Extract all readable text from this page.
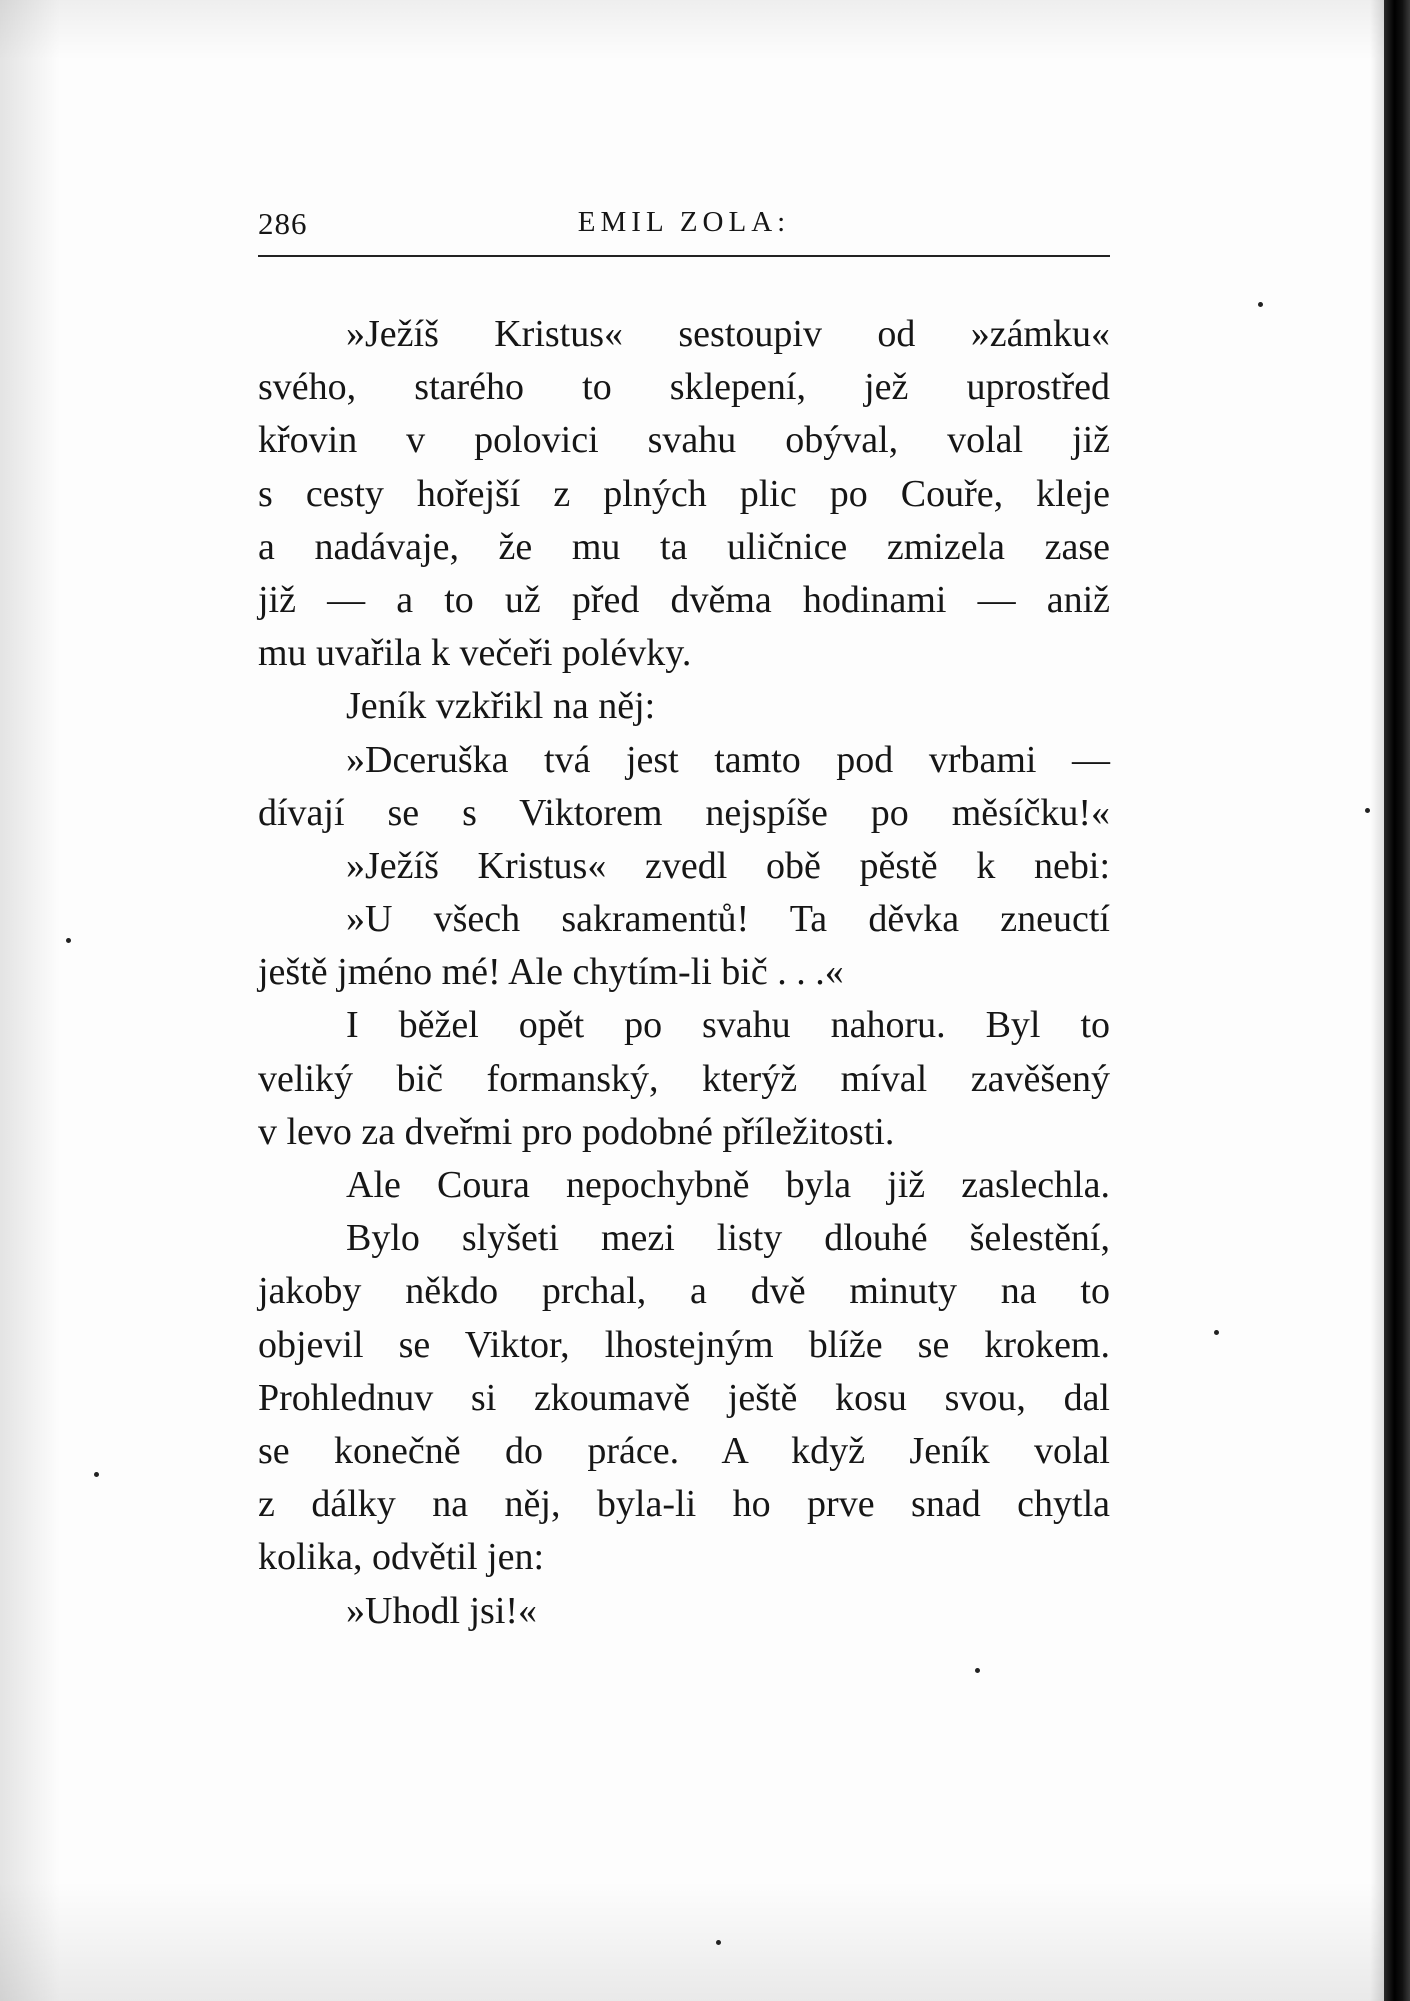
286	EMIL ZOLA:
»Ježíš Kristus« sestoupiv od »zámku«
svého, starého to sklepení, jež uprostřed
křovin v polovici svahu obýval, volal již
s cesty hořejší z plných plic po Couře, kleje
a nadávaje, že mu ta uličnice zmizela zase
již — a to už před dvěma hodinami — aniž
mu uvařila k večeři polévky.
Jeník vzkřikl na něj:
»Dceruška tvá jest tamto pod vrbami —
dívají se s Viktorem nejspíše po měsíčku!«
»Ježíš Kristus« zvedl obě pěstě k nebi:
»U všech sakramentů! Ta děvka zneuctí
ještě jméno mé! Ale chytím-li bič . . .«
I běžel opět po svahu nahoru. Byl to
veliký bič formanský, kterýž míval zavěšený
v levo za dveřmi pro podobné příležitosti.
Ale Coura nepochybně byla již zaslechla.
Bylo slyšeti mezi listy dlouhé šelestění,
jakoby někdo prchal, a dvě minuty na to
objevil se Viktor, lhostejným blíže se krokem.
Prohlednuv si zkoumavě ještě kosu svou, dal
se konečně do práce. A když Jeník volal
z dálky na něj, byla-li ho prve snad chytla
kolika, odvětil jen:
»Uhodl jsi!«
